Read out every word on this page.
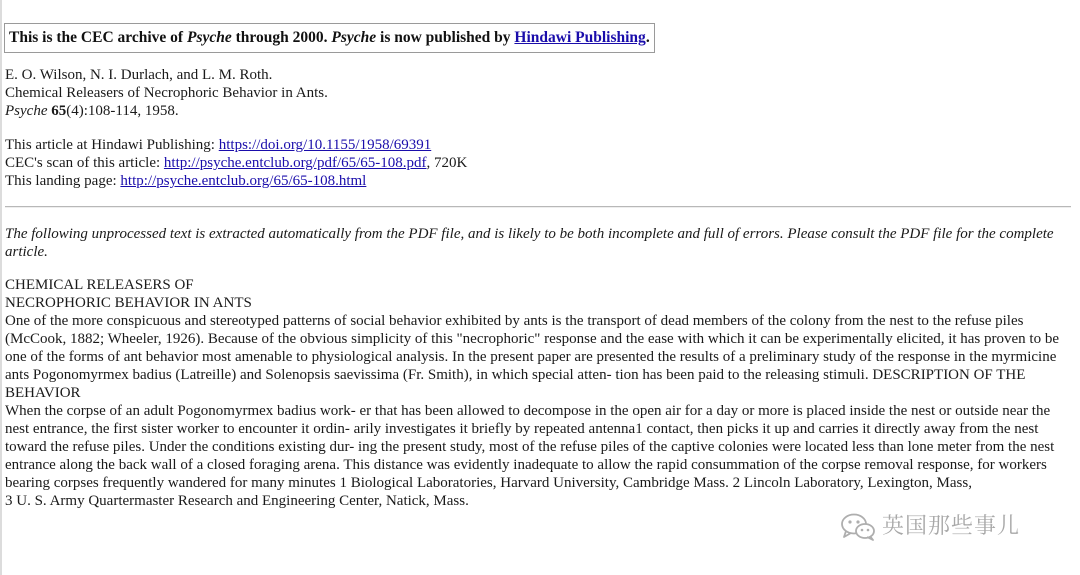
This is the CEC archive of Psyche through 2000. Psyche is now published by Hindawi Publishing.
E. O. Wilson, N. I. Durlach, and L. M. Roth.
Chemical Releasers of Necrophoric Behavior in Ants.
Psyche 65(4):108-114, 1958.
This article at Hindawi Publishing: https://doi.org/10.1155/1958/69391
CEC's scan of this article: http://psyche.entclub.org/pdf/65/65-108.pdf, 720K
This landing page: http://psyche.entclub.org/65/65-108.html
The following unprocessed text is extracted automatically from the PDF file, and is likely to be both incomplete and full of errors. Please consult the PDF file for the complete article.

CHEMICAL RELEASERS OF

NECROPHORIC BEHAVIOR IN ANTS

One of the more conspicuous and stereotyped patterns of social behavior exhibited by ants is the transport of dead members of the colony from the nest to the refuse piles (McCook, 1882; Wheeler, 1926). Because of the obvious simplicity of this "necrophoric" response and the ease with which it can be experimentally elicited, it has proven to be one of the forms of ant behavior most amenable to physiological analysis. In the present paper are presented the results of a preliminary study of the response in the myrmicine ants Pogonomyrmex badius (Latreille) and Solenopsis saevissima (Fr. Smith), in which special atten- tion has been paid to the releasing stimuli. DESCRIPTION OF THE BEHAVIOR

When the corpse of an adult Pogonomyrmex badius work- er that has been allowed to decompose in the open air for a day or more is placed inside the nest or outside near the nest entrance, the first sister worker to encounter it ordin- arily investigates it briefly by repeated antenna1 contact, then picks it up and carries it directly away from the nest toward the refuse piles. Under the conditions existing dur- ing the present study, most of the refuse piles of the captive colonies were located less than lone meter from the nest entrance along the back wall of a closed foraging arena. This distance was evidently inadequate to allow the rapid consummation of the corpse removal response, for workers bearing corpses frequently wandered for many minutes 1 Biological Laboratories, Harvard University, Cambridge Mass. 2 Lincoln Laboratory, Lexington, Mass,

3 U. S. Army Quartermaster Research and Engineering Center, Natick, Mass.

英国那些事儿
